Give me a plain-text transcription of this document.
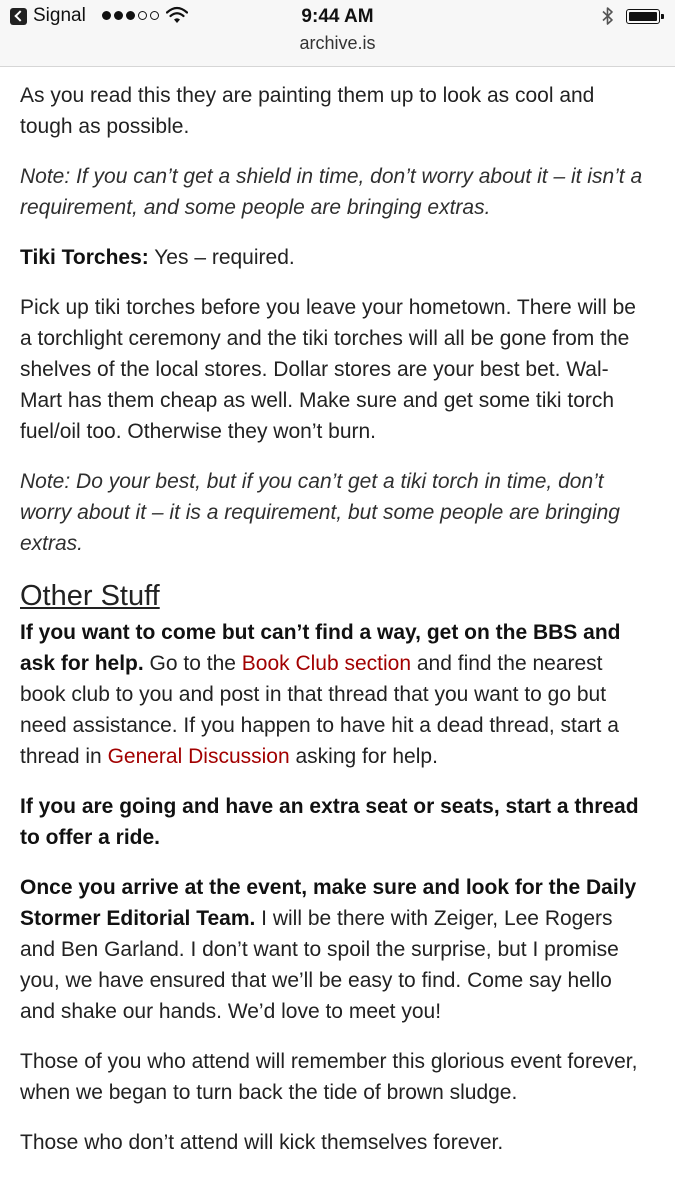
Signal	9:44 AM
archive.is

As you read this they are painting them up to look as cool and tough as possible.

Note: If you can’t get a shield in time, don’t worry about it – it isn’t a requirement, and some people are bringing extras.

Tiki Torches: Yes – required.

Pick up tiki torches before you leave your hometown. There will be a torchlight ceremony and the tiki torches will all be gone from the shelves of the local stores. Dollar stores are your best bet. Wal-Mart has them cheap as well. Make sure and get some tiki torch fuel/oil too. Otherwise they won’t burn.

Note: Do your best, but if you can’t get a tiki torch in time, don’t worry about it – it is a requirement, but some people are bringing extras.

Other Stuff

If you want to come but can’t find a way, get on the BBS and ask for help. Go to the Book Club section and find the nearest book club to you and post in that thread that you want to go but need assistance. If you happen to have hit a dead thread, start a thread in General Discussion asking for help.

If you are going and have an extra seat or seats, start a thread to offer a ride.

Once you arrive at the event, make sure and look for the Daily Stormer Editorial Team. I will be there with Zeiger, Lee Rogers and Ben Garland. I don’t want to spoil the surprise, but I promise you, we have ensured that we’ll be easy to find. Come say hello and shake our hands. We’d love to meet you!

Those of you who attend will remember this glorious event forever, when we began to turn back the tide of brown sludge.

Those who don’t attend will kick themselves forever.
